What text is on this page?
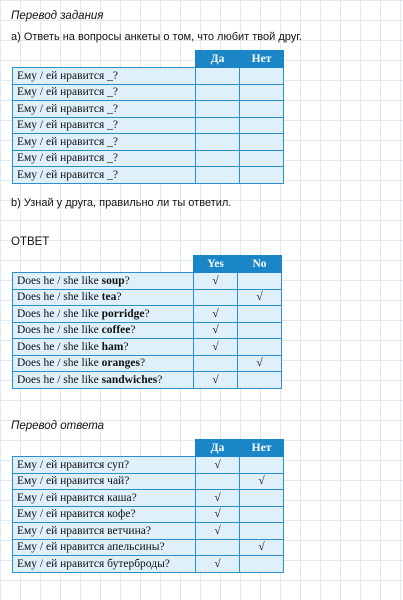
Перевод задания
а) Ответь на вопросы анкеты о том, что любит твой друг.
	Да	Нет
Ему / ей нравится _?		
Ему / ей нравится _?		
Ему / ей нравится _?		
Ему / ей нравится _?		
Ему / ей нравится _?		
Ему / ей нравится _?		
Ему / ей нравится _?		
b) Узнай у друга, правильно ли ты ответил.
ОТВЕТ
	Yes	No
Does he / she like soup?	√	
Does he / she like tea?		√
Does he / she like porridge?	√	
Does he / she like coffee?	√	
Does he / she like ham?	√	
Does he / she like oranges?		√
Does he / she like sandwiches?	√	
Перевод ответа
	Да	Нет
Ему / ей нравится суп?	√	
Ему / ей нравится чай?		√
Ему / ей нравится каша?	√	
Ему / ей нравится кофе?	√	
Ему / ей нравится ветчина?	√	
Ему / ей нравится апельсины?		√
Ему / ей нравится бутерброды?	√	
